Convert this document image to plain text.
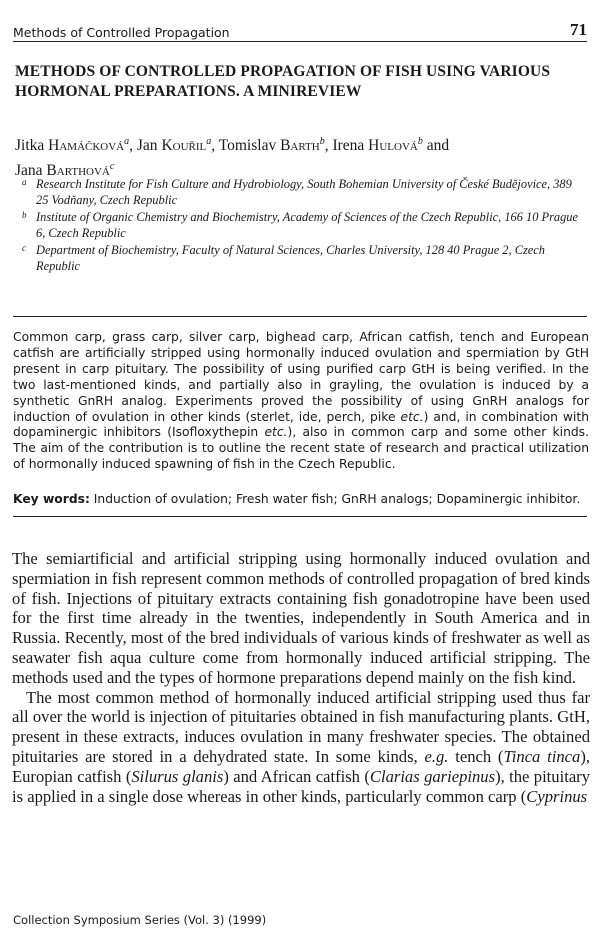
Methods of Controlled Propagation	71
METHODS OF CONTROLLED PROPAGATION OF FISH USING VARIOUS HORMONAL PREPARATIONS. A MINIREVIEW
Jitka Hamáčková$^a$, Jan Kouřil$^a$, Tomislav Barth$^b$, Irena Hulová$^b$ and
Jana Barthová$^c$
a Research Institute for Fish Culture and Hydrobiology, South Bohemian University of České Budějovice, 389 25 Vodňany, Czech Republic
b Institute of Organic Chemistry and Biochemistry, Academy of Sciences of the Czech Republic, 166 10 Prague 6, Czech Republic
c Department of Biochemistry, Faculty of Natural Sciences, Charles University, 128 40 Prague 2, Czech Republic
Common carp, grass carp, silver carp, bighead carp, African catfish, tench and European catfish are artificially stripped using hormonally induced ovulation and spermiation by GtH present in carp pituitary. The possibility of using purified carp GtH is being verified. In the two last-mentioned kinds, and partially also in grayling, the ovulation is induced by a synthetic GnRH analog. Experiments proved the possibility of using GnRH analogs for induction of ovulation in other kinds (sterlet, ide, perch, pike etc.) and, in combination with dopaminergic inhibitors (Isofloxythepin etc.), also in common carp and some other kinds. The aim of the contribution is to outline the recent state of research and practical utilization of hormonally induced spawning of fish in the Czech Republic.
Key words: Induction of ovulation; Fresh water fish; GnRH analogs; Dopaminergic inhibitor.

The semiartificial and artificial stripping using hormonally induced ovulation and spermiation in fish represent common methods of controlled propagation of bred kinds of fish. Injections of pituitary extracts containing fish gonadotropine have been used for the first time already in the twenties, independently in South America and in Russia. Recently, most of the bred individuals of various kinds of freshwater as well as seawater fish aqua culture come from hormonally induced artificial stripping. The methods used and the types of hormone preparations depend mainly on the fish kind.

The most common method of hormonally induced artificial stripping used thus far all over the world is injection of pituitaries obtained in fish manufacturing plants. GtH, present in these extracts, induces ovulation in many freshwater species. The obtained pituitaries are stored in a dehydrated state. In some kinds, e.g. tench (Tinca tinca), Europian catfish (Silurus glanis) and African catfish (Clarias gariepinus), the pituitary is applied in a single dose whereas in other kinds, particularly common carp (Cyprinus

Collection Symposium Series (Vol. 3) (1999)
